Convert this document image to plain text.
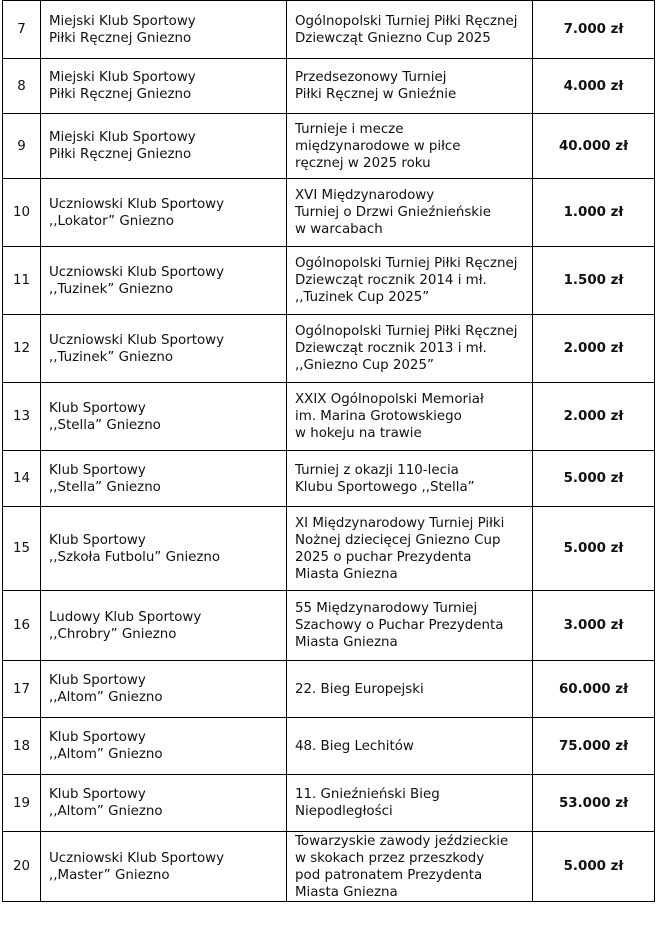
7	Miejski Klub Sportowy
Piłki Ręcznej Gniezno	Ogólnopolski Turniej Piłki Ręcznej
Dziewcząt Gniezno Cup 2025	7.000 zł
8	Miejski Klub Sportowy
Piłki Ręcznej Gniezno	Przedsezonowy Turniej
Piłki Ręcznej w Gnieźnie	4.000 zł
9	Miejski Klub Sportowy
Piłki Ręcznej Gniezno	Turnieje i mecze
międzynarodowe w piłce
ręcznej w 2025 roku	40.000 zł
10	Uczniowski Klub Sportowy
,,Lokator” Gniezno	XVI Międzynarodowy
Turniej o Drzwi Gnieźnieńskie
w warcabach	1.000 zł
11	Uczniowski Klub Sportowy
,,Tuzinek” Gniezno	Ogólnopolski Turniej Piłki Ręcznej
Dziewcząt rocznik 2014 i mł.
,,Tuzinek Cup 2025”	1.500 zł
12	Uczniowski Klub Sportowy
,,Tuzinek” Gniezno	Ogólnopolski Turniej Piłki Ręcznej
Dziewcząt rocznik 2013 i mł.
,,Gniezno Cup 2025”	2.000 zł
13	Klub Sportowy
,,Stella” Gniezno	XXIX Ogólnopolski Memoriał
im. Marina Grotowskiego
w hokeju na trawie	2.000 zł
14	Klub Sportowy
,,Stella” Gniezno	Turniej z okazji 110-lecia
Klubu Sportowego ,,Stella”	5.000 zł
15	Klub Sportowy
,,Szkoła Futbolu” Gniezno	XI Międzynarodowy Turniej Piłki
Nożnej dziecięcej Gniezno Cup
2025 o puchar Prezydenta
Miasta Gniezna	5.000 zł
16	Ludowy Klub Sportowy
,,Chrobry” Gniezno	55 Międzynarodowy Turniej
Szachowy o Puchar Prezydenta
Miasta Gniezna	3.000 zł
17	Klub Sportowy
,,Altom” Gniezno	22. Bieg Europejski	60.000 zł
18	Klub Sportowy
,,Altom” Gniezno	48. Bieg Lechitów	75.000 zł
19	Klub Sportowy
,,Altom” Gniezno	11. Gnieźnieński Bieg
Niepodległości	53.000 zł
20	Uczniowski Klub Sportowy
,,Master” Gniezno	Towarzyskie zawody jeździeckie
w skokach przez przeszkody
pod patronatem Prezydenta
Miasta Gniezna	5.000 zł
